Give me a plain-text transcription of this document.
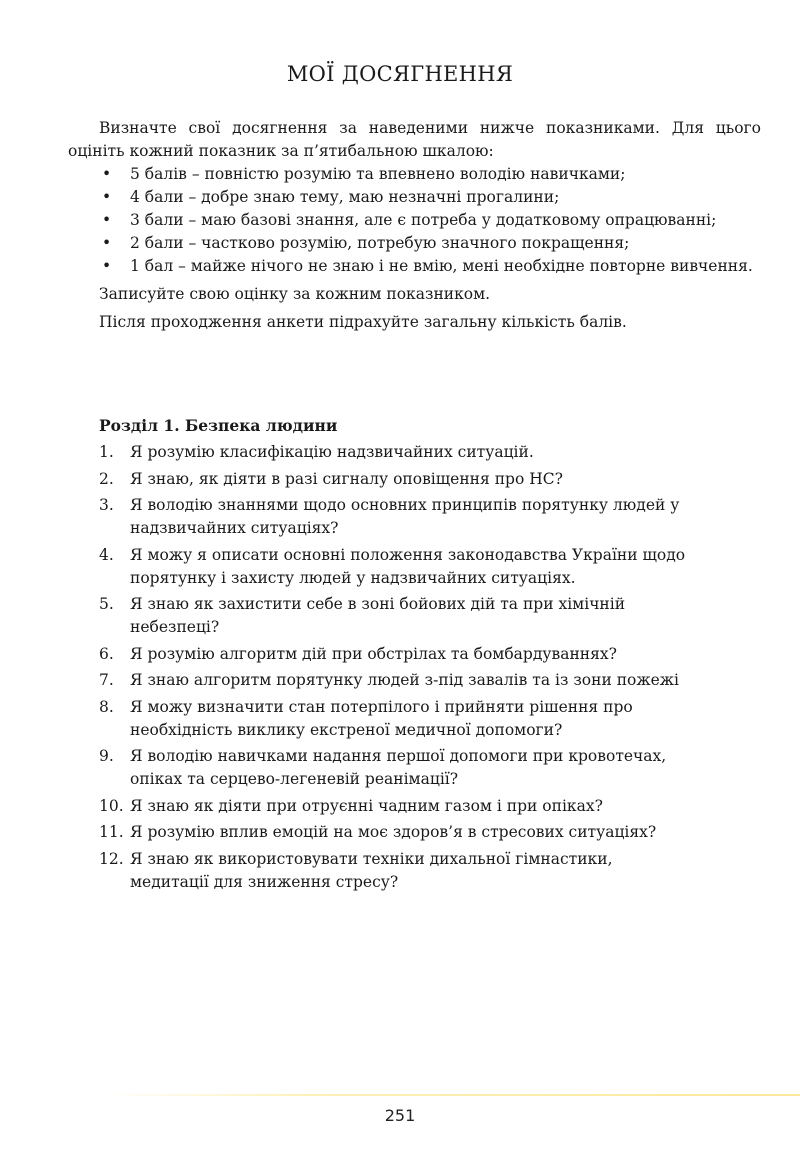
МОЇ ДОСЯГНЕННЯ

Визначте свої досягнення за наведеними нижче показниками. Для цього оцініть кожний показник за п’ятибальною шкалою:

• 5 балів – повністю розумію та впевнено володію навичками;
• 4 бали – добре знаю тему, маю незначні прогалини;
• 3 бали – маю базові знання, але є потреба у додатковому опрацюванні;
• 2 бали – частково розумію, потребую значного покращення;
• 1 бал – майже нічого не знаю і не вмію, мені необхідне повторне вивчення.

Записуйте свою оцінку за кожним показником.

Після проходження анкети підрахуйте загальну кількість балів.

Розділ 1. Безпека людини

1. Я розумію класифікацію надзвичайних ситуацій.
2. Я знаю, як діяти в разі сигналу оповіщення про НС?
3. Я володію знаннями щодо основних принципів порятунку людей у надзвичайних ситуаціях?
4. Я можу я описати основні положення законодавства України щодо порятунку і захисту людей у надзвичайних ситуаціях.
5. Я знаю як захистити себе в зоні бойових дій та при хімічній небезпеці?
6. Я розумію алгоритм дій при обстрілах та бомбардуваннях?
7. Я знаю алгоритм порятунку людей з-під завалів та із зони пожежі
8. Я можу визначити стан потерпілого і прийняти рішення про необхідність виклику екстреної медичної допомоги?
9. Я володію навичками надання першої допомоги при кровотечах, опіках та серцево-легеневій реанімації?
10. Я знаю як діяти при отруєнні чадним газом і при опіках?
11. Я розумію вплив емоцій на моє здоров’я в стресових ситуаціях?
12. Я знаю як використовувати техніки дихальної гімнастики, медитації для зниження стресу?
251
